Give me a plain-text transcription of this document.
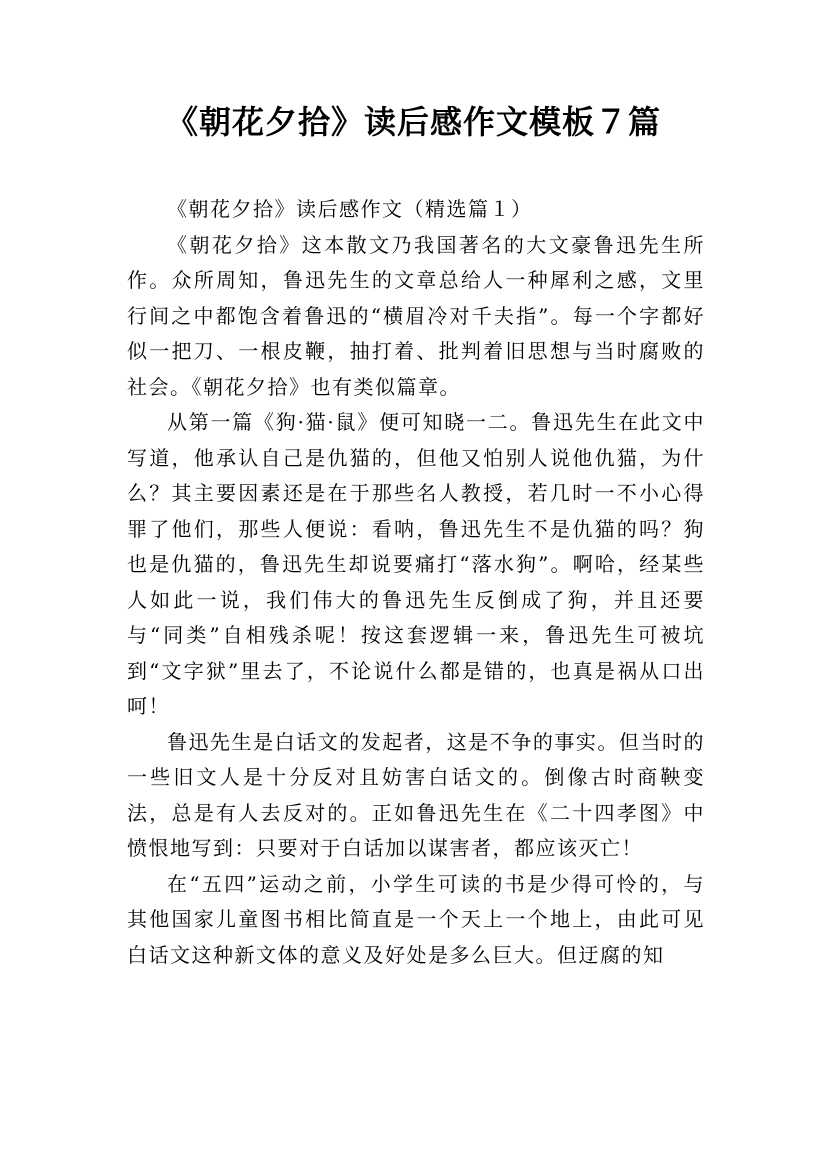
《朝花夕拾》读后感作文模板７篇

《朝花夕拾》读后感作文（精选篇１）

《朝花夕拾》这本散文乃我国著名的大文豪鲁迅先生所作。众所周知，鲁迅先生的文章总给人一种犀利之感，文里行间之中都饱含着鲁迅的“横眉冷对千夫指”。每一个字都好似一把刀、一根皮鞭，抽打着、批判着旧思想与当时腐败的社会。《朝花夕拾》也有类似篇章。

从第一篇《狗·猫·鼠》便可知晓一二。鲁迅先生在此文中写道，他承认自己是仇猫的，但他又怕别人说他仇猫，为什么？其主要因素还是在于那些名人教授，若几时一不小心得罪了他们，那些人便说：看呐，鲁迅先生不是仇猫的吗？狗也是仇猫的，鲁迅先生却说要痛打“落水狗”。啊哈，经某些人如此一说，我们伟大的鲁迅先生反倒成了狗，并且还要与“同类”自相残杀呢！按这套逻辑一来，鲁迅先生可被坑到“文字狱”里去了，不论说什么都是错的，也真是祸从口出呵！

鲁迅先生是白话文的发起者，这是不争的事实。但当时的一些旧文人是十分反对且妨害白话文的。倒像古时商鞅变法，总是有人去反对的。正如鲁迅先生在《二十四孝图》中愤恨地写到：只要对于白话加以谋害者，都应该灭亡！

在“五四”运动之前，小学生可读的书是少得可怜的，与其他国家儿童图书相比简直是一个天上一个地上，由此可见白话文这种新文体的意义及好处是多么巨大。但迂腐的知
